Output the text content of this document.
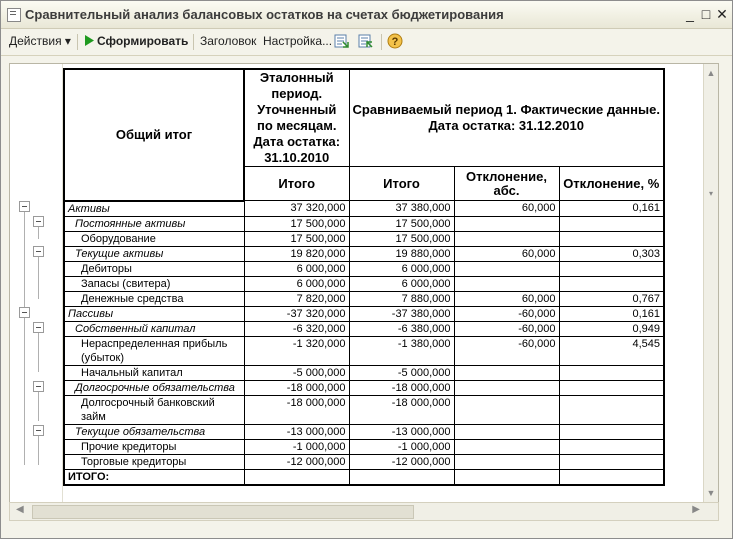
Сравнительный анализ балансовых остатков на счетах бюджетирования	_ □ ✕
Действия ▾	Сформировать Заголовок Настройка...	?
Общий итог	Эталонный период. Уточненный по месяцам. Дата остатка: 31.10.2010	Сравниваемый период 1. Фактические данные. Дата остатка: 31.12.2010		
	Итого	Итого	Отклонение, абс.	Отклонение, %
Активы	37 320,000	37 380,000	60,000	0,161
Постоянные активы	17 500,000	17 500,000		
Оборудование	17 500,000	17 500,000		
Текущие активы	19 820,000	19 880,000	60,000	0,303
Дебиторы	6 000,000	6 000,000		
Запасы (свитера)	6 000,000	6 000,000		
Денежные средства	7 820,000	7 880,000	60,000	0,767
Пассивы	-37 320,000	-37 380,000	-60,000	0,161
Собственный капитал	-6 320,000	-6 380,000	-60,000	0,949
Нераспределенная прибыль (убыток)	-1 320,000	-1 380,000	-60,000	4,545
Начальный капитал	-5 000,000	-5 000,000		
Долгосрочные обязательства	-18 000,000	-18 000,000		
Долгосрочный банковский займ	-18 000,000	-18 000,000		
Текущие обязательства	-13 000,000	-13 000,000		
Прочие кредиторы	-1 000,000	-1 000,000		
Торговые кредиторы	-12 000,000	-12 000,000		
ИТОГО:				
▲
▾
▼
◀	▶
